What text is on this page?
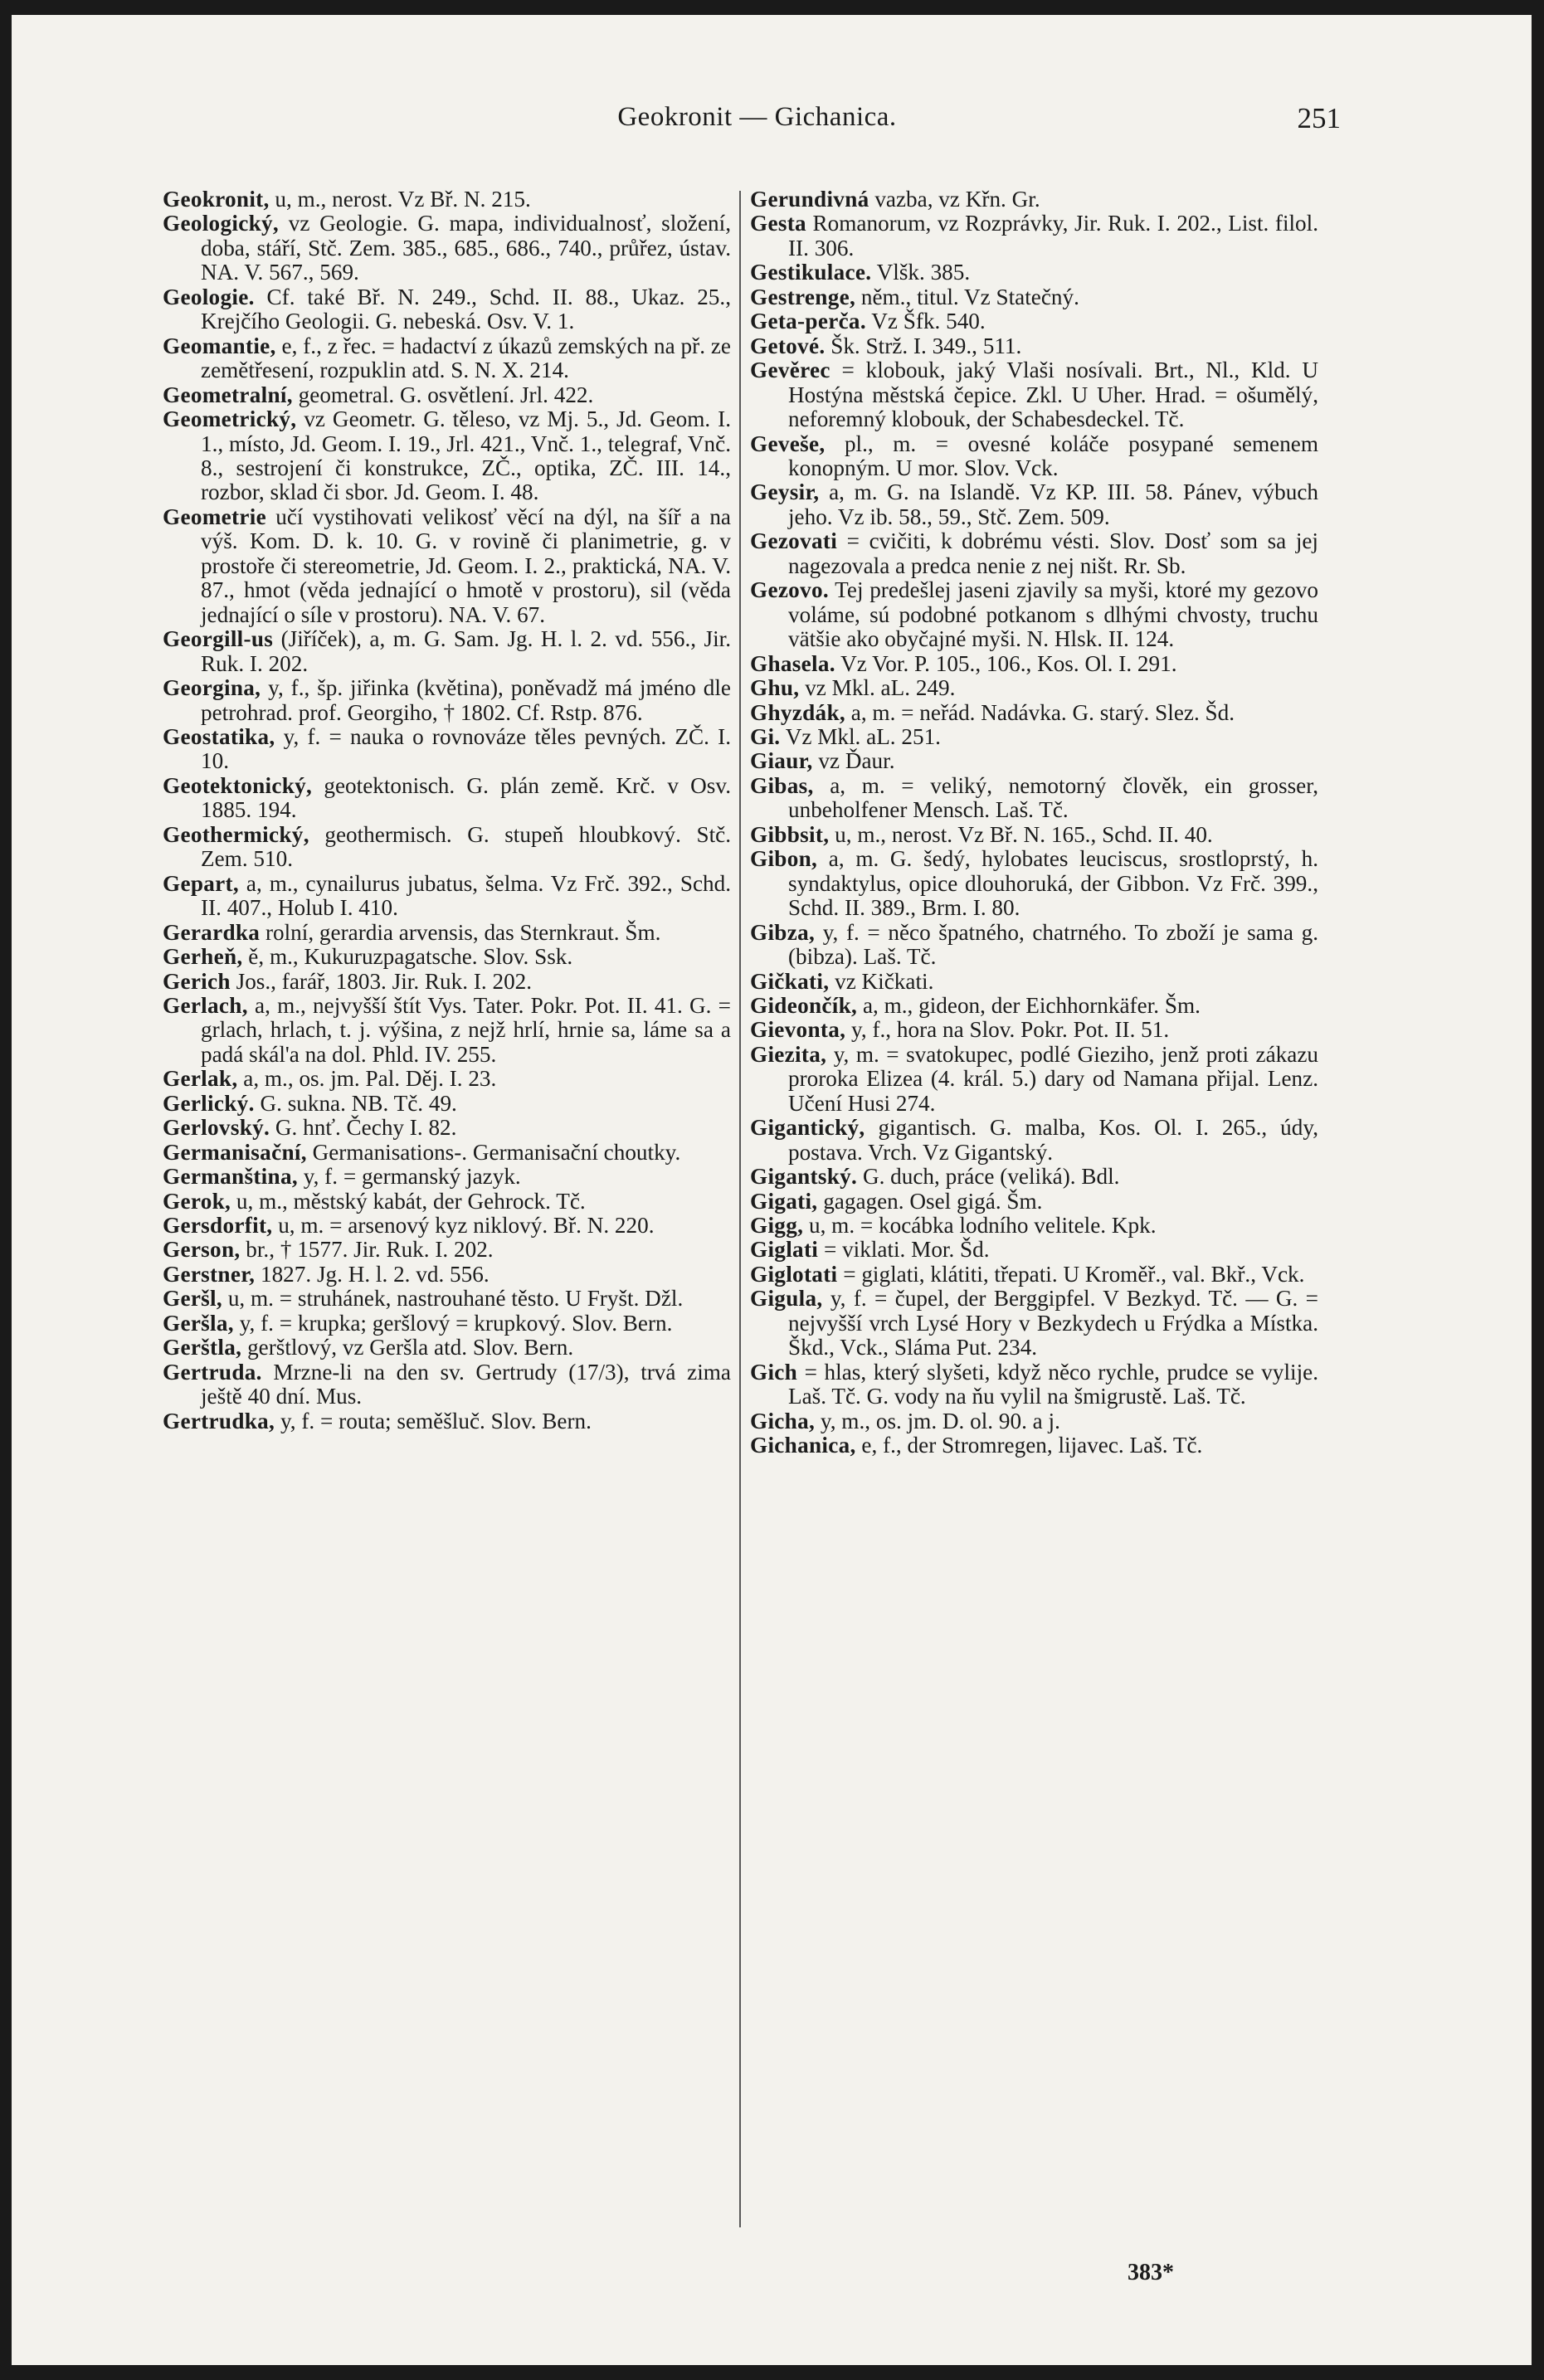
Geokronit — Gichanica.	251

Geokronit, u, m., nerost. Vz Bř. N. 215.

Geologický, vz Geologie. G. mapa, individualnosť, složení, doba, stáří, Stč. Zem. 385., 685., 686., 740., průřez, ústav. NA. V. 567., 569.

Geologie. Cf. také Bř. N. 249., Schd. II. 88., Ukaz. 25., Krejčího Geologii. G. nebeská. Osv. V. 1.

Geomantie, e, f., z řec. = hadactví z úkazů zemských na př. ze zemětřesení, rozpuklin atd. S. N. X. 214.

Geometralní, geometral. G. osvětlení. Jrl. 422.

Geometrický, vz Geometr. G. těleso, vz Mj. 5., Jd. Geom. I. 1., místo, Jd. Geom. I. 19., Jrl. 421., Vnč. 1., telegraf, Vnč. 8., sestrojení či konstrukce, ZČ., optika, ZČ. III. 14., rozbor, sklad či sbor. Jd. Geom. I. 48.

Geometrie učí vystihovati velikosť věcí na dýl, na šíř a na výš. Kom. D. k. 10. G. v rovině či planimetrie, g. v prostoře či stereometrie, Jd. Geom. I. 2., praktická, NA. V. 87., hmot (věda jednající o hmotě v prostoru), sil (věda jednající o síle v prostoru). NA. V. 67.

Georgill-us (Jiříček), a, m. G. Sam. Jg. H. l. 2. vd. 556., Jir. Ruk. I. 202.

Georgina, y, f., šp. jiřinka (květina), poněvadž má jméno dle petrohrad. prof. Georgiho, † 1802. Cf. Rstp. 876.

Geostatika, y, f. = nauka o rovnováze těles pevných. ZČ. I. 10.

Geotektonický, geotektonisch. G. plán země. Krč. v Osv. 1885. 194.

Geothermický, geothermisch. G. stupeň hloubkový. Stč. Zem. 510.

Gepart, a, m., cynailurus jubatus, šelma. Vz Frč. 392., Schd. II. 407., Holub I. 410.

Gerardka rolní, gerardia arvensis, das Sternkraut. Šm.

Gerheň, ě, m., Kukuruzpagatsche. Slov. Ssk.

Gerich Jos., farář, 1803. Jir. Ruk. I. 202.

Gerlach, a, m., nejvyšší štít Vys. Tater. Pokr. Pot. II. 41. G. = grlach, hrlach, t. j. výšina, z nejž hrlí, hrnie sa, láme sa a padá skál'a na dol. Phld. IV. 255.

Gerlak, a, m., os. jm. Pal. Děj. I. 23.

Gerlický. G. sukna. NB. Tč. 49.

Gerlovský. G. hnť. Čechy I. 82.

Germanisační, Germanisations-. Germanisační choutky.

Germanština, y, f. = germanský jazyk.

Gerok, u, m., městský kabát, der Gehrock. Tč.

Gersdorfit, u, m. = arsenový kyz niklový. Bř. N. 220.

Gerson, br., † 1577. Jir. Ruk. I. 202.

Gerstner, 1827. Jg. H. l. 2. vd. 556.

Geršl, u, m. = struhánek, nastrouhané těsto. U Fryšt. Džl.

Geršla, y, f. = krupka; geršlový = krupkový. Slov. Bern.

Gerštla, gerštlový, vz Geršla atd. Slov. Bern.

Gertruda. Mrzne-li na den sv. Gertrudy (17/3), trvá zima ještě 40 dní. Mus.

Gertrudka, y, f. = routa; seměšluč. Slov. Bern.

Gerundivná vazba, vz Křn. Gr.

Gesta Romanorum, vz Rozprávky, Jir. Ruk. I. 202., List. filol. II. 306.

Gestikulace. Vlšk. 385.

Gestrenge, něm., titul. Vz Statečný.

Geta-perča. Vz Šfk. 540.

Getové. Šk. Strž. I. 349., 511.

Gevěrec = klobouk, jaký Vlaši nosívali. Brt., Nl., Kld. U Hostýna městská čepice. Zkl. U Uher. Hrad. = ošumělý, neforemný klobouk, der Schabesdeckel. Tč.

Geveše, pl., m. = ovesné koláče posypané semenem konopným. U mor. Slov. Vck.

Geysir, a, m. G. na Islandě. Vz KP. III. 58. Pánev, výbuch jeho. Vz ib. 58., 59., Stč. Zem. 509.

Gezovati = cvičiti, k dobrému vésti. Slov. Dosť som sa jej nagezovala a predca nenie z nej ništ. Rr. Sb.

Gezovo. Tej predešlej jaseni zjavily sa myši, ktoré my gezovo voláme, sú podobné potkanom s dlhými chvosty, truchu vätšie ako obyčajné myši. N. Hlsk. II. 124.

Ghasela. Vz Vor. P. 105., 106., Kos. Ol. I. 291.

Ghu, vz Mkl. aL. 249.

Ghyzdák, a, m. = neřád. Nadávka. G. starý. Slez. Šd.

Gi. Vz Mkl. aL. 251.

Giaur, vz Ďaur.

Gibas, a, m. = veliký, nemotorný člověk, ein grosser, unbeholfener Mensch. Laš. Tč.

Gibbsit, u, m., nerost. Vz Bř. N. 165., Schd. II. 40.

Gibon, a, m. G. šedý, hylobates leuciscus, srostloprstý, h. syndaktylus, opice dlouhoruká, der Gibbon. Vz Frč. 399., Schd. II. 389., Brm. I. 80.

Gibza, y, f. = něco špatného, chatrného. To zboží je sama g. (bibza). Laš. Tč.

Gičkati, vz Kičkati.

Gideončík, a, m., gideon, der Eichhornkäfer. Šm.

Gievonta, y, f., hora na Slov. Pokr. Pot. II. 51.

Giezita, y, m. = svatokupec, podlé Gieziho, jenž proti zákazu proroka Elizea (4. král. 5.) dary od Namana přijal. Lenz. Učení Husi 274.

Gigantický, gigantisch. G. malba, Kos. Ol. I. 265., údy, postava. Vrch. Vz Gigantský.

Gigantský. G. duch, práce (veliká). Bdl.

Gigati, gagagen. Osel gigá. Šm.

Gigg, u, m. = kocábka lodního velitele. Kpk.

Giglati = viklati. Mor. Šd.

Giglotati = giglati, klátiti, třepati. U Kroměř., val. Bkř., Vck.

Gigula, y, f. = čupel, der Berggipfel. V Bezkyd. Tč. — G. = nejvyšší vrch Lysé Hory v Bezkydech u Frýdka a Místka. Škd., Vck., Sláma Put. 234.

Gich = hlas, který slyšeti, když něco rychle, prudce se vylije. Laš. Tč. G. vody na ňu vylil na šmigrustě. Laš. Tč.

Gicha, y, m., os. jm. D. ol. 90. a j.

Gichanica, e, f., der Stromregen, lijavec. Laš. Tč.

383*
